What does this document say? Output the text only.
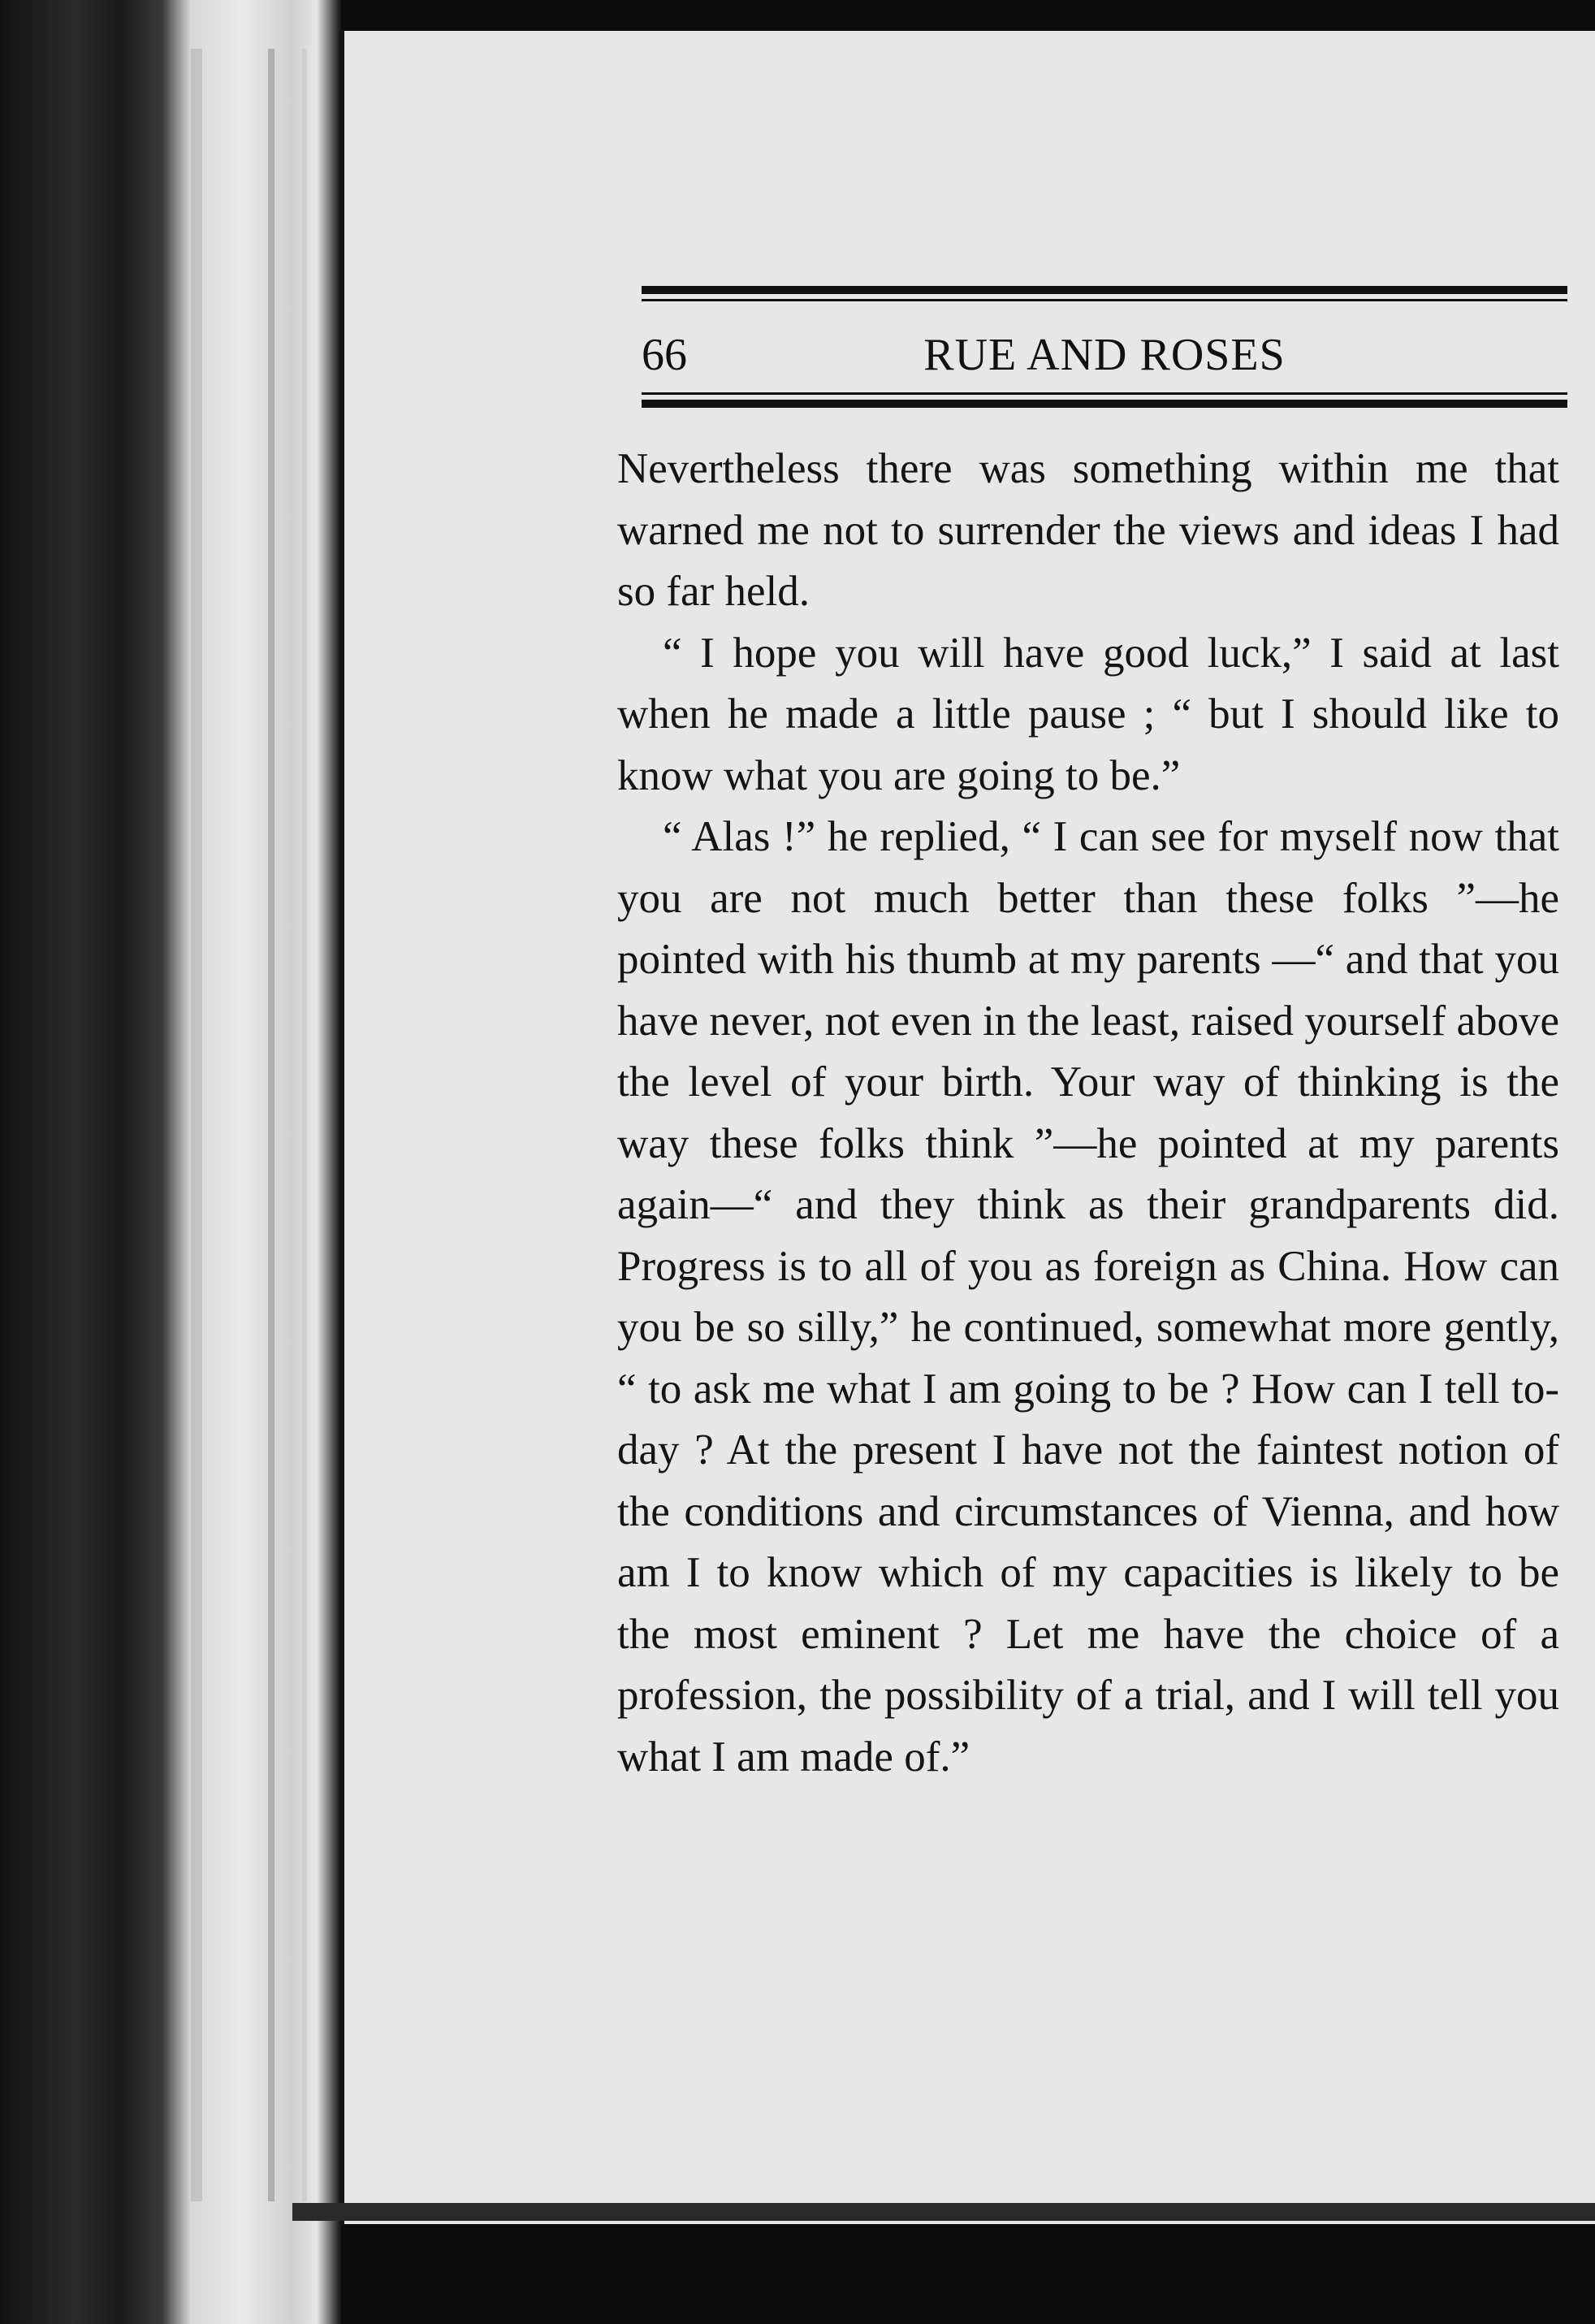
66	RUE AND ROSES

Nevertheless there was something within me that warned me not to surrender the views and ideas I had so far held.

“ I hope you will have good luck,” I said at last when he made a little pause ; “ but I should like to know what you are going to be.”

“ Alas !” he replied, “ I can see for myself now that you are not much better than these folks ”—he pointed with his thumb at my parents —“ and that you have never, not even in the least, raised yourself above the level of your birth. Your way of thinking is the way these folks think ”—he pointed at my parents again—“ and they think as their grandparents did. Progress is to all of you as foreign as China. How can you be so silly,” he continued, somewhat more gently, “ to ask me what I am going to be ? How can I tell to-day ? At the present I have not the faintest notion of the conditions and circumstances of Vienna, and how am I to know which of my capacities is likely to be the most eminent ? Let me have the choice of a profession, the possibility of a trial, and I will tell you what I am made of.”
